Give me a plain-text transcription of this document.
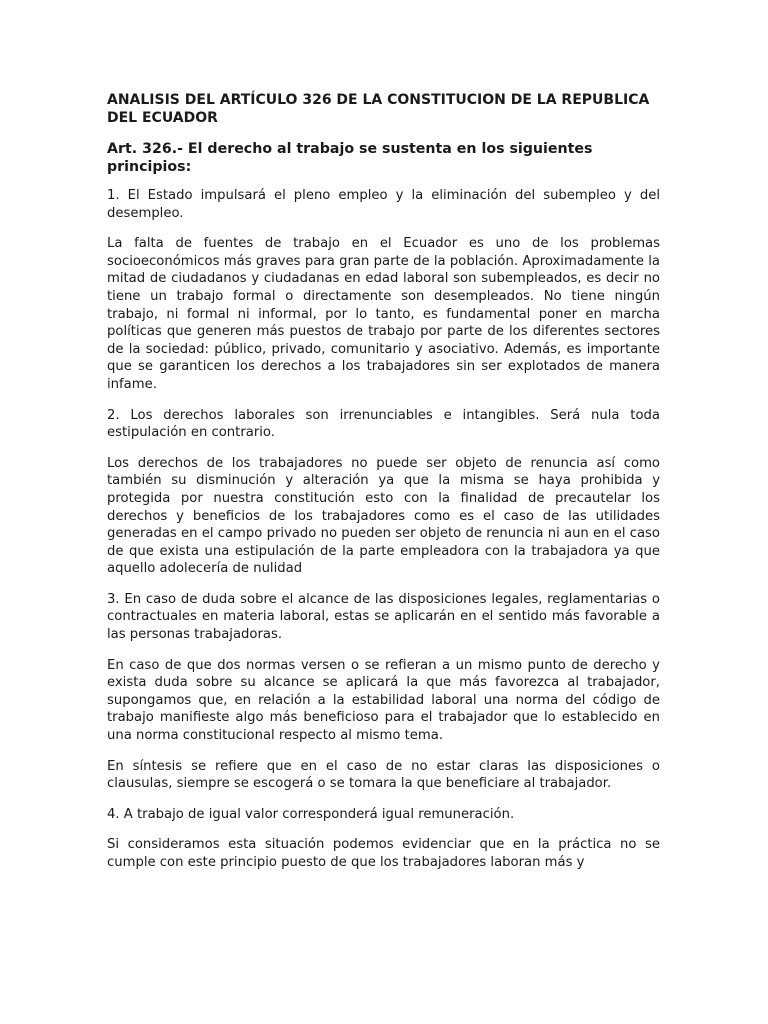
ANALISIS DEL ARTÍCULO 326 DE LA CONSTITUCION DE LA REPUBLICA DEL ECUADOR
Art. 326.- El derecho al trabajo se sustenta en los siguientes principios:

1. El Estado impulsará el pleno empleo y la eliminación del subempleo y del desempleo.

La falta de fuentes de trabajo en el Ecuador es uno de los problemas socioeconómicos más graves para gran parte de la población. Aproximadamente la mitad de ciudadanos y ciudadanas en edad laboral son subempleados, es decir no tiene un trabajo formal o directamente son desempleados. No tiene ningún trabajo, ni formal ni informal, por lo tanto, es fundamental poner en marcha políticas que generen más puestos de trabajo por parte de los diferentes sectores de la sociedad: público, privado, comunitario y asociativo. Además, es importante que se garanticen los derechos a los trabajadores sin ser explotados de manera infame.

2. Los derechos laborales son irrenunciables e intangibles. Será nula toda estipulación en contrario.

Los derechos de los trabajadores no puede ser objeto de renuncia así como también su disminución y alteración ya que la misma se haya prohibida y protegida por nuestra constitución esto con la finalidad de precautelar los derechos y beneficios de los trabajadores como es el caso de las utilidades generadas en el campo privado no pueden ser objeto de renuncia ni aun en el caso de que exista una estipulación de la parte empleadora con la trabajadora ya que aquello adolecería de nulidad

3. En caso de duda sobre el alcance de las disposiciones legales, reglamentarias o contractuales en materia laboral, estas se aplicarán en el sentido más favorable a las personas trabajadoras.

En caso de que dos normas versen o se refieran a un mismo punto de derecho y exista duda sobre su alcance se aplicará la que más favorezca al trabajador, supongamos que, en relación a la estabilidad laboral una norma del código de trabajo manifieste algo más beneficioso para el trabajador que lo establecido en una norma constitucional respecto al mismo tema.

En síntesis se refiere que en el caso de no estar claras las disposiciones o clausulas, siempre se escogerá o se tomara la que beneficiare al trabajador.

4. A trabajo de igual valor corresponderá igual remuneración.

Si consideramos esta situación podemos evidenciar que en la práctica no se cumple con este principio puesto de que los trabajadores laboran más y
